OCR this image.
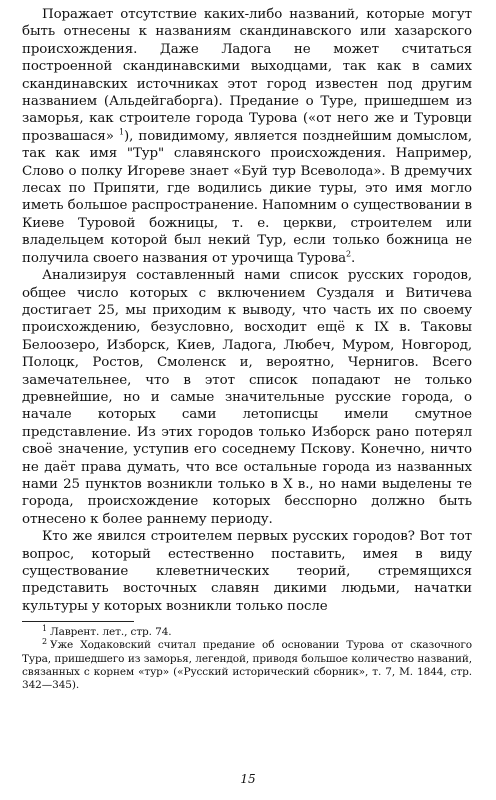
Поражает отсутствие каких-либо названий, которые могут быть отнесены к названиям скандинавского или хазарского происхождения. Даже Ладога не может считаться построенной скандинавскими выходцами, так как в самих скандинавских источниках этот город известен под другим названием (Альдейгаборга). Предание о Туре, пришедшем из заморья, как строителе города Турова («от него же и Туровци прозвашася» $^1$), повидимому, является позднейшим домыслом, так как имя "Тур" славянского происхождения. Например, Слово о полку Игореве знает «Буй тур Всеволода». В дремучих лесах по Припяти, где водились дикие туры, это имя могло иметь большое распространение. Напомним о существовании в Киеве Туровой божницы, т. е. церкви, строителем или владельцем которой был некий Тур, если только божница не получила своего названия от урочища Турова$^2$.

Анализируя составленный нами список русских городов, общее число которых с включением Суздаля и Витичева достигает 25, мы приходим к выводу, что часть их по своему происхождению, безусловно, восходит ещё к IX в. Таковы Белоозеро, Изборск, Киев, Ладога, Любеч, Муром, Новгород, Полоцк, Ростов, Смоленск и, вероятно, Чернигов. Всего замечательнее, что в этот список попадают не только древнейшие, но и самые значительные русские города, о начале которых сами летописцы имели смутное представление. Из этих городов только Изборск рано потерял своё значение, уступив его соседнему Пскову. Конечно, ничто не даёт права думать, что все остальные города из названных нами 25 пунктов возникли только в X в., но нами выделены те города, происхождение которых бесспорно должно быть отнесено к более раннему периоду.

Кто же явился строителем первых русских городов? Вот тот вопрос, который естественно поставить, имея в виду существование клеветнических теорий, стремящихся представить восточных славян дикими людьми, начатки культуры у которых возникли только после

$^1$ Лаврент. лет., стр. 74.

$^2$ Уже Ходаковский считал предание об основании Турова от сказочного Тура, пришедшего из заморья, легендой, приводя большое количество названий, связанных с корнем «тур» («Русский исторический сборник», т. 7, М. 1844, стр. 342—345).

15
